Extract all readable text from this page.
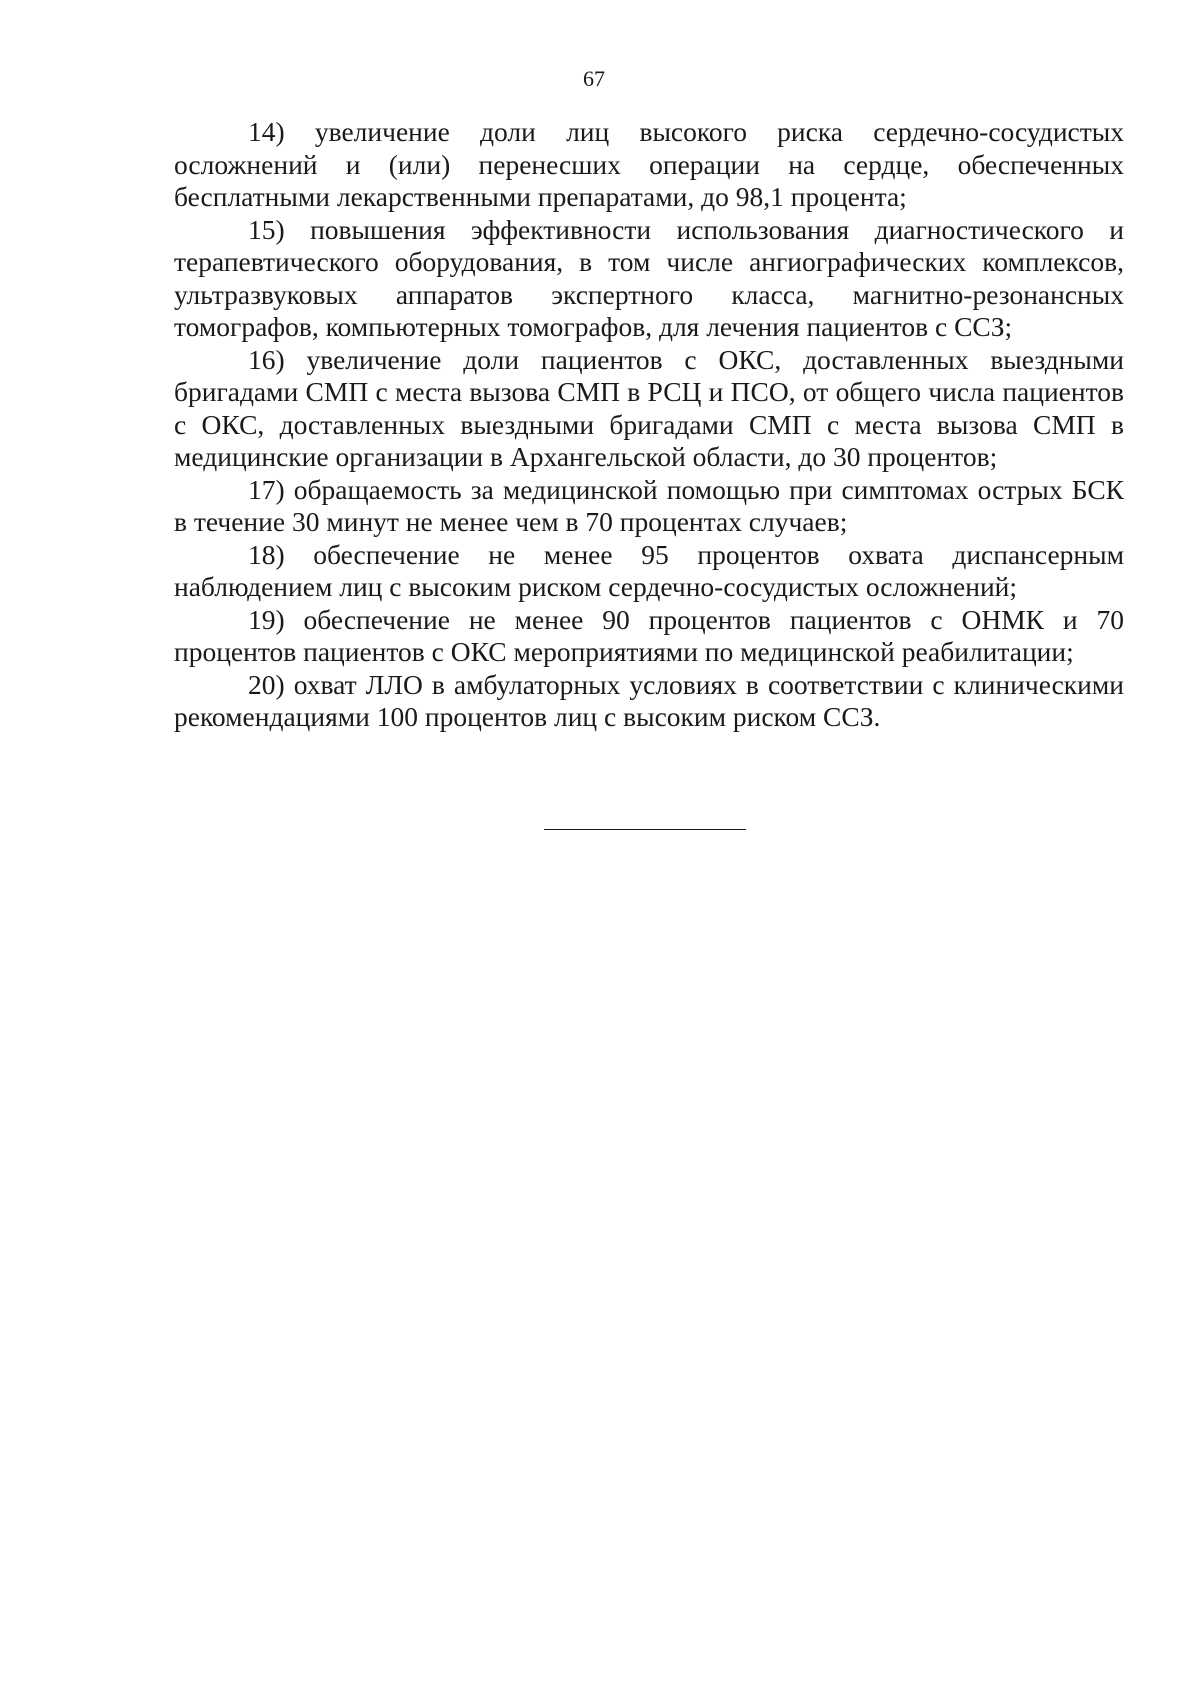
67

14) увеличение доли лиц высокого риска сердечно-сосудистых осложнений и (или) перенесших операции на сердце, обеспеченных бесплатными лекарственными препаратами, до 98,1 процента;

15) повышения эффективности использования диагностического и терапевтического оборудования, в том числе ангиографических комплексов, ультразвуковых аппаратов экспертного класса, магнитно-резонансных томографов, компьютерных томографов, для лечения пациентов с ССЗ;

16) увеличение доли пациентов с ОКС, доставленных выездными бригадами СМП с места вызова СМП в РСЦ и ПСО, от общего числа пациентов с ОКС, доставленных выездными бригадами СМП с места вызова СМП в медицинские организации в Архангельской области, до 30 процентов;

17) обращаемость за медицинской помощью при симптомах острых БСК в течение 30 минут не менее чем в 70 процентах случаев;

18) обеспечение не менее 95 процентов охвата диспансерным наблюдением лиц с высоким риском сердечно-сосудистых осложнений;

19) обеспечение не менее 90 процентов пациентов с ОНМК и 70 процентов пациентов с ОКС мероприятиями по медицинской реабилитации;

20) охват ЛЛО в амбулаторных условиях в соответствии с клиническими рекомендациями 100 процентов лиц с высоким риском ССЗ.
